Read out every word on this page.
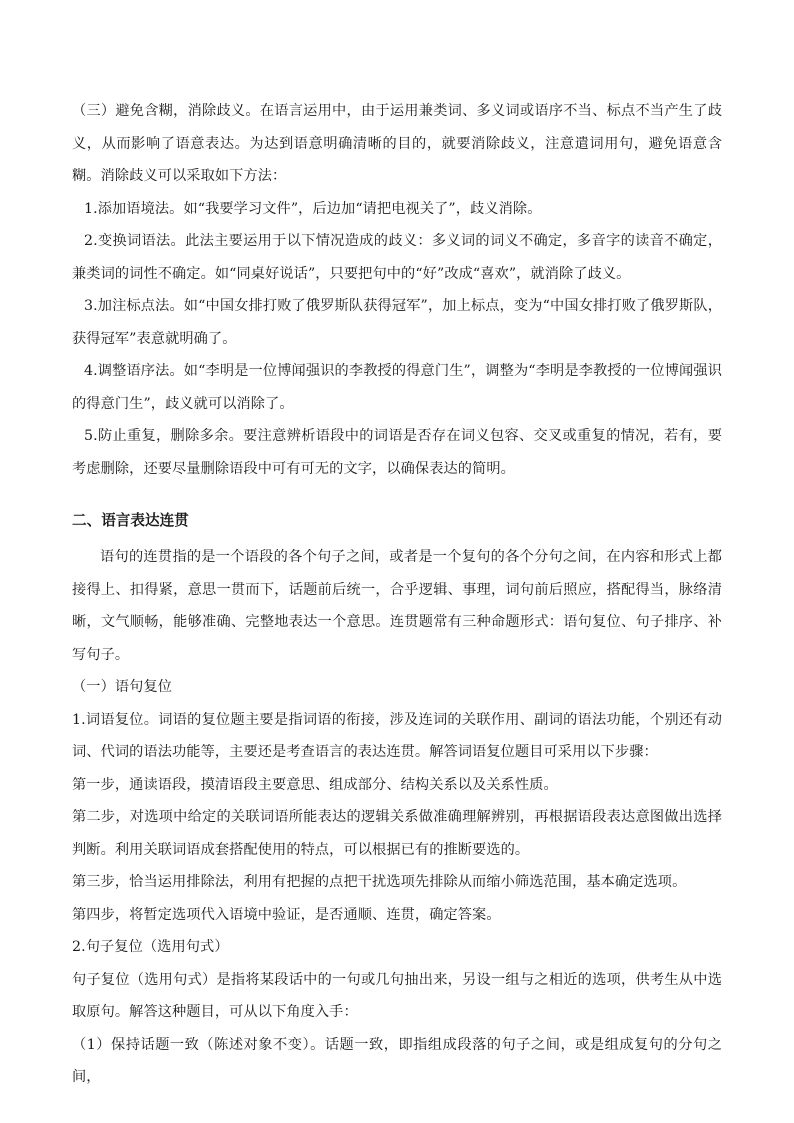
（三）避免含糊，消除歧义。在语言运用中，由于运用兼类词、多义词或语序不当、标点不当产生了歧义，从而影响了语意表达。为达到语意明确清晰的目的，就要消除歧义，注意遣词用句，避免语意含糊。消除歧义可以采取如下方法：

1.添加语境法。如“我要学习文件”，后边加“请把电视关了”，歧义消除。

2.变换词语法。此法主要运用于以下情况造成的歧义：多义词的词义不确定，多音字的读音不确定，兼类词的词性不确定。如“同桌好说话”，只要把句中的“好”改成“喜欢”，就消除了歧义。

3.加注标点法。如“中国女排打败了俄罗斯队获得冠军”，加上标点，变为“中国女排打败了俄罗斯队，获得冠军”表意就明确了。

4.调整语序法。如“李明是一位博闻强识的李教授的得意门生”，调整为“李明是李教授的一位博闻强识的得意门生”，歧义就可以消除了。

5.防止重复，删除多余。要注意辨析语段中的词语是否存在词义包容、交叉或重复的情况，若有，要考虑删除，还要尽量删除语段中可有可无的文字，以确保表达的简明。

二、语言表达连贯

语句的连贯指的是一个语段的各个句子之间，或者是一个复句的各个分句之间，在内容和形式上都接得上、扣得紧，意思一贯而下，话题前后统一，合乎逻辑、事理，词句前后照应，搭配得当，脉络清晰，文气顺畅，能够准确、完整地表达一个意思。连贯题常有三种命题形式：语句复位、句子排序、补写句子。

（一）语句复位

1.词语复位。词语的复位题主要是指词语的衔接，涉及连词的关联作用、副词的语法功能，个别还有动词、代词的语法功能等，主要还是考查语言的表达连贯。解答词语复位题目可采用以下步骤：

第一步，通读语段，摸清语段主要意思、组成部分、结构关系以及关系性质。

第二步，对选项中给定的关联词语所能表达的逻辑关系做准确理解辨别，再根据语段表达意图做出选择判断。利用关联词语成套搭配使用的特点，可以根据已有的推断要选的。

第三步，恰当运用排除法，利用有把握的点把干扰选项先排除从而缩小筛选范围，基本确定选项。

第四步，将暂定选项代入语境中验证，是否通顺、连贯，确定答案。

2.句子复位（选用句式）

句子复位（选用句式）是指将某段话中的一句或几句抽出来，另设一组与之相近的选项，供考生从中选取原句。解答这种题目，可从以下角度入手：

（1）保持话题一致（陈述对象不变）。话题一致，即指组成段落的句子之间，或是组成复句的分句之间，
